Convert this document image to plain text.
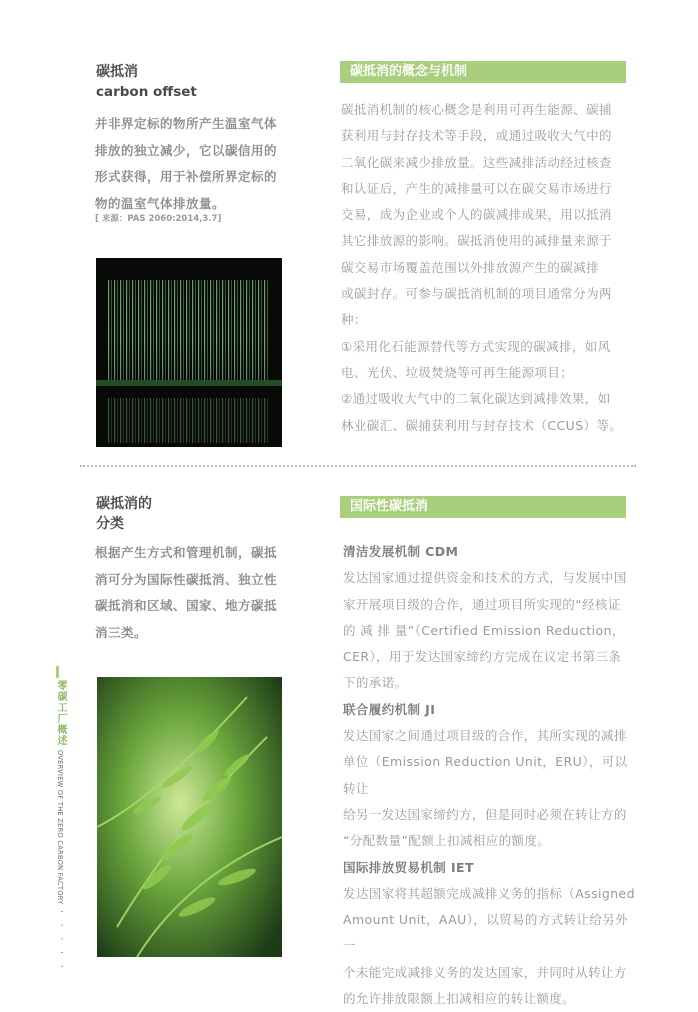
碳抵消
carbon offset
并非界定标的物所产生温室气体排放的独立减少，它以碳信用的形式获得，用于补偿所界定标的物的温室气体排放量。
[ 来源：PAS 2060:2014,3.7]
碳抵消的概念与机制

碳抵消机制的核心概念是利用可再生能源、碳捕

获利用与封存技术等手段，或通过吸收大气中的

二氧化碳来减少排放量。这些减排活动经过核查

和认证后，产生的减排量可以在碳交易市场进行

交易，成为企业或个人的碳减排成果，用以抵消

其它排放源的影响。碳抵消使用的减排量来源于

碳交易市场覆盖范围以外排放源产生的碳减排

或碳封存。可参与碳抵消机制的项目通常分为两

种：

①采用化石能源替代等方式实现的碳减排，如风

电、光伏、垃圾焚烧等可再生能源项目；

②通过吸收大气中的二氧化碳达到减排效果，如

林业碳汇、碳捕获利用与封存技术（CCUS）等。

碳抵消的
分类
根据产生方式和管理机制，碳抵消可分为国际性碳抵消、独立性碳抵消和区域、国家、地方碳抵消三类。
国际性碳抵消

清洁发展机制 CDM

发达国家通过提供资金和技术的方式，与发展中国

家开展项目级的合作，通过项目所实现的“经核证

的 减 排 量”（Certified Emission Reduction，

CER），用于发达国家缔约方完成在议定书第三条

下的承诺。

联合履约机制 JI

发达国家之间通过项目级的合作，其所实现的减排

单位（Emission Reduction Unit，ERU），可以转让

给另一发达国家缔约方，但是同时必须在转让方的

“分配数量”配额上扣减相应的额度。

国际排放贸易机制 IET

发达国家将其超额完成减排义务的指标（Assigned

Amount Unit，AAU），以贸易的方式转让给另外一

个未能完成减排义务的发达国家，并同时从转让方

的允许排放限额上扣减相应的转让额度。

零碳工厂概述
OVERVIEW OF THE ZERO CARBON FACTORY
· · · · ·
